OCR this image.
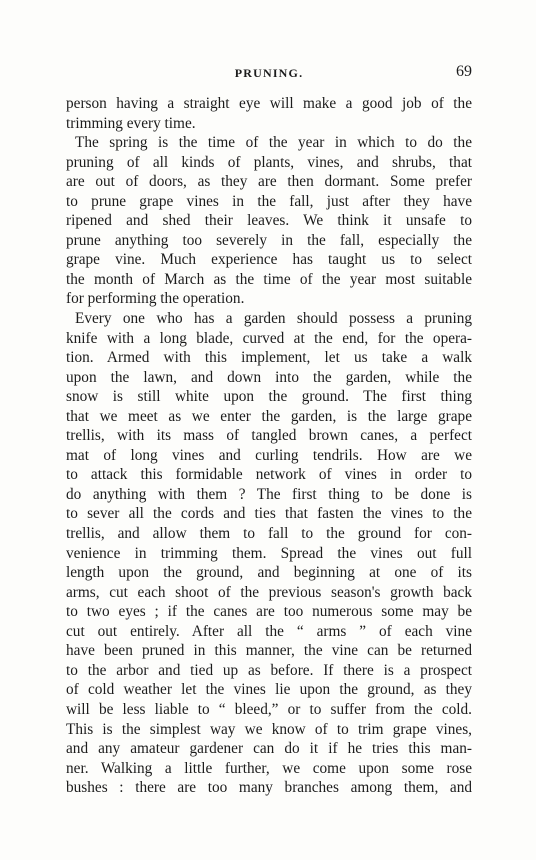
PRUNING.	69
person having a straight eye will make a good job of the
trimming every time.
The spring is the time of the year in which to do the
pruning of all kinds of plants, vines, and shrubs, that
are out of doors, as they are then dormant. Some prefer
to prune grape vines in the fall, just after they have
ripened and shed their leaves. We think it unsafe to
prune anything too severely in the fall, especially the
grape vine. Much experience has taught us to select
the month of March as the time of the year most suitable
for performing the operation.
Every one who has a garden should possess a pruning
knife with a long blade, curved at the end, for the opera-
tion. Armed with this implement, let us take a walk
upon the lawn, and down into the garden, while the
snow is still white upon the ground. The first thing
that we meet as we enter the garden, is the large grape
trellis, with its mass of tangled brown canes, a perfect
mat of long vines and curling tendrils. How are we
to attack this formidable network of vines in order to
do anything with them ? The first thing to be done is
to sever all the cords and ties that fasten the vines to the
trellis, and allow them to fall to the ground for con-
venience in trimming them. Spread the vines out full
length upon the ground, and beginning at one of its
arms, cut each shoot of the previous season's growth back
to two eyes ; if the canes are too numerous some may be
cut out entirely. After all the “ arms ” of each vine
have been pruned in this manner, the vine can be returned
to the arbor and tied up as before. If there is a prospect
of cold weather let the vines lie upon the ground, as they
will be less liable to “ bleed,” or to suffer from the cold.
This is the simplest way we know of to trim grape vines,
and any amateur gardener can do it if he tries this man-
ner. Walking a little further, we come upon some rose
bushes : there are too many branches among them, and
